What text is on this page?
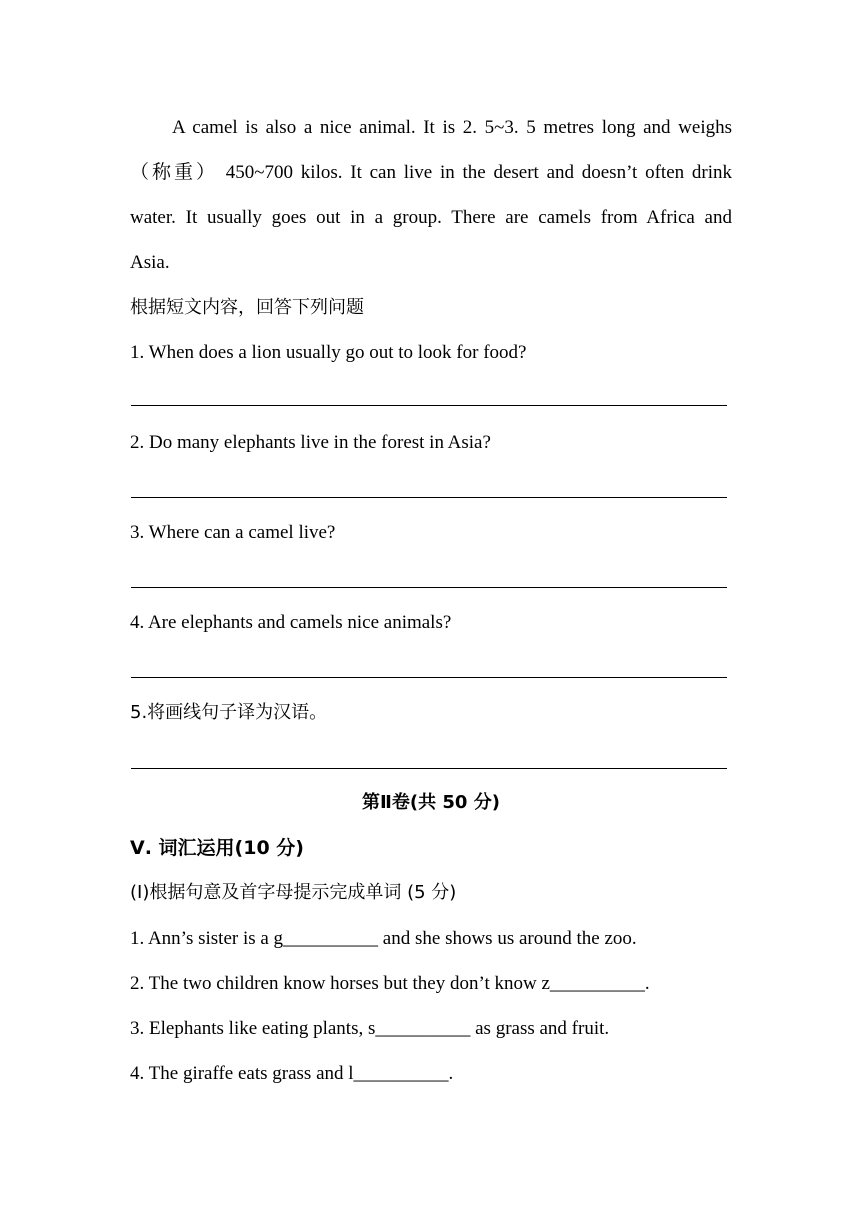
A camel is also a nice animal. It is 2. 5~3. 5 metres long and weighs
（称重） 450~700 kilos. It can live in the desert and doesn’t often drink
water. It usually goes out in a group. There are camels from Africa and
Asia.
根据短文内容，回答下列问题
1. When does a lion usually go out to look for food?
2. Do many elephants live in the forest in Asia?
3. Where can a camel live?
4. Are elephants and camels nice animals?
5.将画线句子译为汉语。
第Ⅱ卷(共 50 分)
Ⅴ. 词汇运用(10 分)
(Ⅰ)根据句意及首字母提示完成单词 (5 分)
1. Ann’s sister is a g__________ and she shows us around the zoo.
2. The two children know horses but they don’t know z__________.
3. Elephants like eating plants, s__________ as grass and fruit.
4. The giraffe eats grass and l__________.
